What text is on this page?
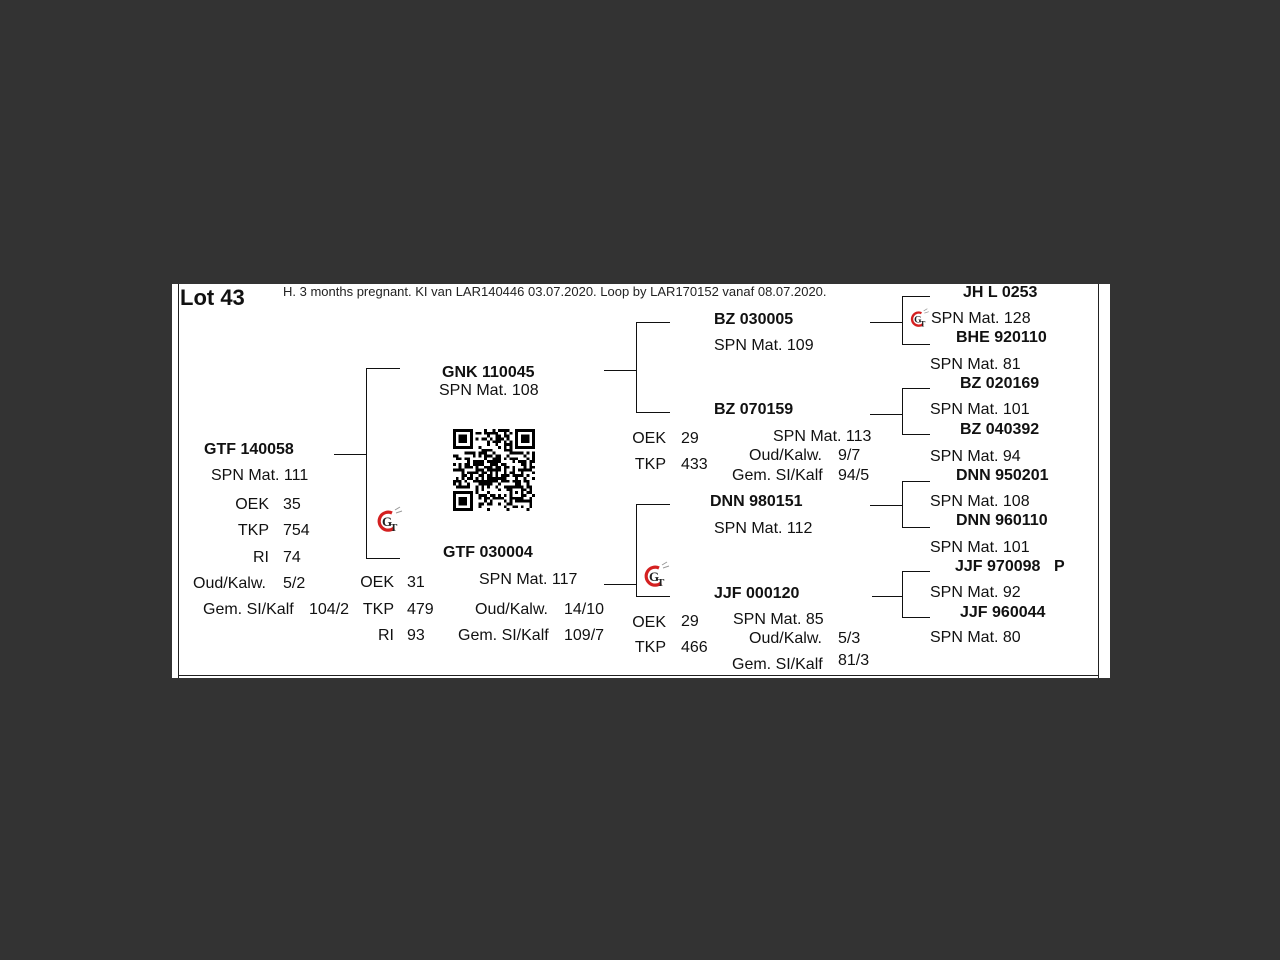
Lot 43	H. 3 months pregnant. KI van LAR140446 03.07.2020. Loop by LAR170152 vanaf 08.07.2020.
GTF 140058
SPN Mat. 111
OEK 35
TKP 754
RI 74
Oud/Kalw. 5/2
Gem. SI/Kalf 104/2
GNK 110045
SPN Mat. 108
GTF 030004
SPN Mat. 117
OEK 31
TKP 479
RI 93
Oud/Kalw. 14/10
Gem. SI/Kalf 109/7
BZ 030005
SPN Mat. 109
BZ 070159
SPN Mat. 113
OEK 29
TKP 433
Oud/Kalw. 9/7
Gem. SI/Kalf 94/5
DNN 980151
SPN Mat. 112
JJF 000120
SPN Mat. 85
OEK 29
TKP 466
Oud/Kalw. 5/3
Gem. SI/Kalf 81/3
JH L 0253
SPN Mat. 128
BHE 920110
SPN Mat. 81
BZ 020169
SPN Mat. 101
BZ 040392
SPN Mat. 94
DNN 950201
SPN Mat. 108
DNN 960110
SPN Mat. 101
JJF 970098 P
SPN Mat. 92
JJF 960044
SPN Mat. 80
G
T
G
T
G
T
